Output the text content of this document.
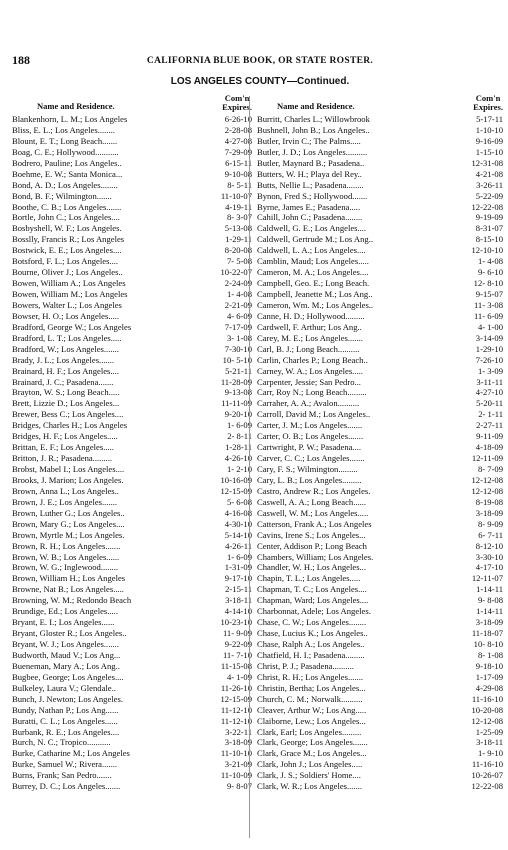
188	CALIFORNIA BLUE BOOK, OR STATE ROSTER.
LOS ANGELES COUNTY—Continued.
Name and Residence.
Com'n
Expires.
Blankenhorn, L. M.; Los Angeles	6-26-10
Bliss, E. L.; Los Angeles........	2-28-08
Blount, E. T.; Long Beach.......	4-27-08
Boag, C. E.; Hollywood...........	7-29-09
Bodrero, Pauline; Los Angeles..	6-15-11
Boehme, E. W.; Santa Monica...	9-10-08
Bond, A. D.; Los Angeles........	8- 5-11
Bond, B. F.; Wilmington.......	11-10-07
Boothe, C. B.; Los Angeles.......	4-19-11
Bortle, John C.; Los Angeles....	8- 3-07
Bosbyshell, W. F.; Los Angeles.	5-13-08
Bosslly, Francis R.; Los Angeles	1-29-11
Bostwick, E. E.; Los Angeles....	8-20-08
Botsford, F. L.; Los Angeles....	7- 5-08
Bourne, Oliver J.; Los Angeles..	10-22-07
Bowen, William A.; Los Angeles	2-24-09
Bowen, William M.; Los Angeles	1- 4-08
Bowers, Walter L.; Los Angeles	2-21-09
Bowser, H. O.; Los Angeles.....	4- 6-09
Bradford, George W.; Los Angeles	7-17-09
Bradford, L. T.; Los Angeles.....	3- 1-08
Bradford, W.; Los Angeles.......	7-30-10
Brady, J. L.; Los Angeles.......	10- 5-10
Brainard, H. F.; Los Angeles....	5-21-11
Brainard, J. C.; Pasadena.......	11-28-09
Brayton, W. S.; Long Beach.....	9-13-08
Brett, Lizzie D.; Los Angeles...	11-11-09
Brewer, Bess C.; Los Angeles....	9-20-10
Bridges, Charles H.; Los Angeles	1- 6-09
Bridges, H. F.; Los Angeles.....	2- 8-11
Brittan, E. F.; Los Angeles.....	1-28-11
Britton, J. R.; Pasadena.........	4-26-10
Brobst, Mabel I.; Los Angeles....	1- 2-10
Brooks, J. Marion; Los Angeles.	10-16-09
Brown, Anna L.; Los Angeles..	12-15-09
Brown, J. E.; Los Angeles.......	5- 6-08
Brown, Luther G.; Los Angeles..	4-16-08
Brown, Mary G.; Los Angeles....	4-30-10
Brown, Myrtle M.; Los Angeles.	5-14-10
Brown, R. H.; Los Angeles.......	4-26-11
Brown, W. B.; Los Angeles......	1- 6-09
Brown, W. G.; Inglewood........	1-31-09
Brown, William H.; Los Angeles	9-17-10
Browne, Nat B.; Los Angeles.....	2-15-11
Browning, W. M.; Redondo Beach	3-18-11
Brundige, Ed.; Los Angeles.....	4-14-10
Bryant, E. I.; Los Angeles......	10-23-10
Bryant, Gloster R.; Los Angeles..	11- 9-09
Bryant, W. J.; Los Angeles.......	9-22-09
Budworth, Maud V.; Los Ang...	11- 7-10
Bueneman, Mary A.; Los Ang..	11-15-08
Bugbee, George; Los Angeles....	4- 1-09
Bulkeley, Laura V.; Glendale..	11-26-10
Bunch, J. Newton; Los Angeles.	12-15-09
Bundy, Nathan P.; Los Ang......	11-12-10
Buratti, C. L.; Los Angeles......	11-12-10
Burbank, R. E.; Los Angeles....	3-22-11
Burch, N. C.; Tropico...........	3-18-09
Burke, Catharine M.; Los Angeles	11-10-10
Burke, Samuel W.; Rivera.......	3-21-09
Burns, Frank; San Pedro.......	11-10-09
Burrey, D. C.; Los Angeles.......	9- 8-07
Name and Residence.
Com'n
Expires.
Burritt, Charles L.; Willowbrook	5-17-11
Bushnell, John B.; Los Angeles..	1-10-10
Butler, Irvin C.; The Palms.....	9-16-09
Butler, J. D.; Los Angeles..........	1-15-10
Butler, Maynard B.; Pasadena..	12-31-08
Butters, W. H.; Playa del Rey..	4-21-08
Butts, Nellie L.; Pasadena........	3-26-11
Bynon, Fred S.; Hollywood.......	5-22-09
Byrne, James E.; Pasadena.....	12-22-08
Cahill, John C.; Pasadena........	9-19-09
Caldwell, G. E.; Los Angeles....	8-31-07
Caldwell, Gertrude M.; Los Ang..	8-15-10
Caldwell, L. A.; Los Angeles....	12-10-10
Camblin, Maud; Los Angeles.....	1- 4-08
Cameron, M. A.; Los Angeles....	9- 6-10
Campbell, Geo. E.; Long Beach.	12- 8-10
Campbell, Jeanette M.; Los Ang..	9-15-07
Cameron, Wm. M.; Los Angeles..	11- 3-08
Canne, H. D.; Hollywood.........	11- 6-09
Cardwell, F. Arthur; Los Ang..	4- 1-00
Carey, M. E.; Los Angeles.......	3-14-09
Carl, B. J.; Long Beach..........	1-29-10
Carlin, Charles P.; Long Beach..	7-26-10
Carney, W. A.; Los Angeles.....	1- 3-09
Carpenter, Jessie; San Pedro...	3-11-11
Carr, Roy N.; Long Beach.........	4-27-10
Carraher, A. A.; Avalon..........	5-20-11
Carroll, David M.; Los Angeles..	2- 1-11
Carter, J. M.; Los Angeles.......	2-27-11
Carter, O. B.; Los Angeles.......	9-11-09
Cartwright, P. W.; Pasadena....	4-18-09
Carver, C. C.; Los Angeles.......	12-11-09
Cary, F. S.; Wilmington.........	8- 7-09
Cary, L. B.; Los Angeles.........	12-12-08
Castro, Andrew R.; Los Angeles.	12-12-08
Caswell, A. A.; Long Beach......	8-19-08
Caswell, W. M.; Los Angeles.....	3-18-09
Catterson, Frank A.; Los Angeles	8- 9-09
Cavins, Irene S.; Los Angeles...	6- 7-11
Center, Addison P.; Long Beach	8-12-10
Chambers, William; Los Angeles.	3-30-10
Chandler, W. H.; Los Angeles...	4-17-10
Chapin, T. L.; Los Angeles.....	12-11-07
Chapman, T. C.; Los Angeles....	1-14-11
Chapman, Ward; Los Angeles....	9- 8-08
Charbonnat, Adele; Los Angeles.	1-14-11
Chase, C. W.; Los Angeles........	3-18-09
Chase, Lucius K.; Los Angeles..	11-18-07
Chase, Ralph A.; Los Angeles..	10- 8-10
Chatfield, H. I.; Pasadena.........	8- 1-08
Christ, P. J.; Pasadena..........	9-18-10
Christ, R. H.; Los Angeles.......	1-17-09
Christin, Bertha; Los Angeles...	4-29-08
Church, C. M.; Norwalk..........	11-16-10
Cleaver, Arthur W.; Los Ang.....	10-20-08
Claiborne, Lew.; Los Angeles...	12-12-08
Clark, Earl; Los Angeles.........	1-25-09
Clark, George; Los Angeles.......	3-18-11
Clark, Grace M.; Los Angeles...	1- 9-10
Clark, John J.; Los Angeles.....	11-16-10
Clark, J. S.; Soldiers' Home....	10-26-07
Clark, W. R.; Los Angeles.......	12-22-08
